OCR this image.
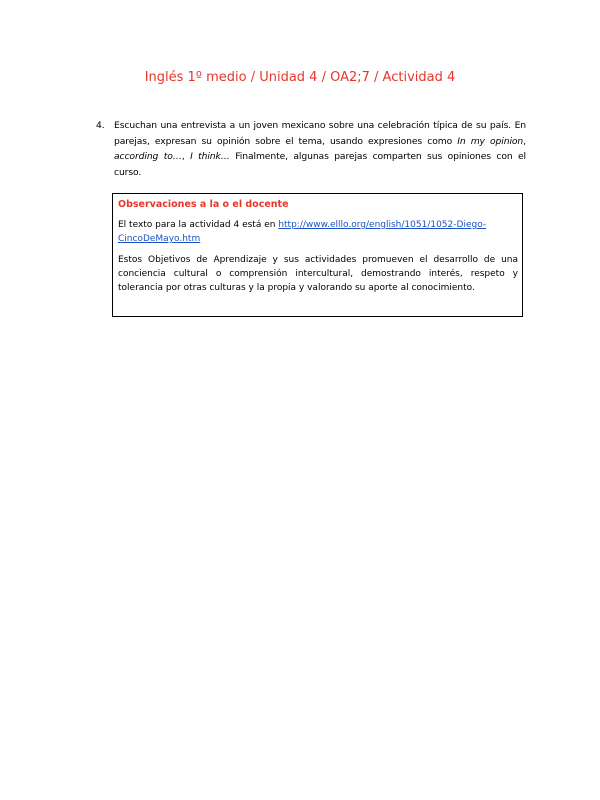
Inglés 1º medio / Unidad 4 / OA2;7 / Actividad 4
4.	Escuchan una entrevista a un joven mexicano sobre una celebración típica de su país. En parejas, expresan su opinión sobre el tema, usando expresiones como In my opinion, according to…, I think… Finalmente, algunas parejas comparten sus opiniones con el curso.
Observaciones a la o el docente
El texto para la actividad 4 está en http://www.elllo.org/english/1051/1052-Diego-CincoDeMayo.htm
Estos Objetivos de Aprendizaje y sus actividades promueven el desarrollo de una conciencia cultural o comprensión intercultural, demostrando interés, respeto y tolerancia por otras culturas y la propia y valorando su aporte al conocimiento.
